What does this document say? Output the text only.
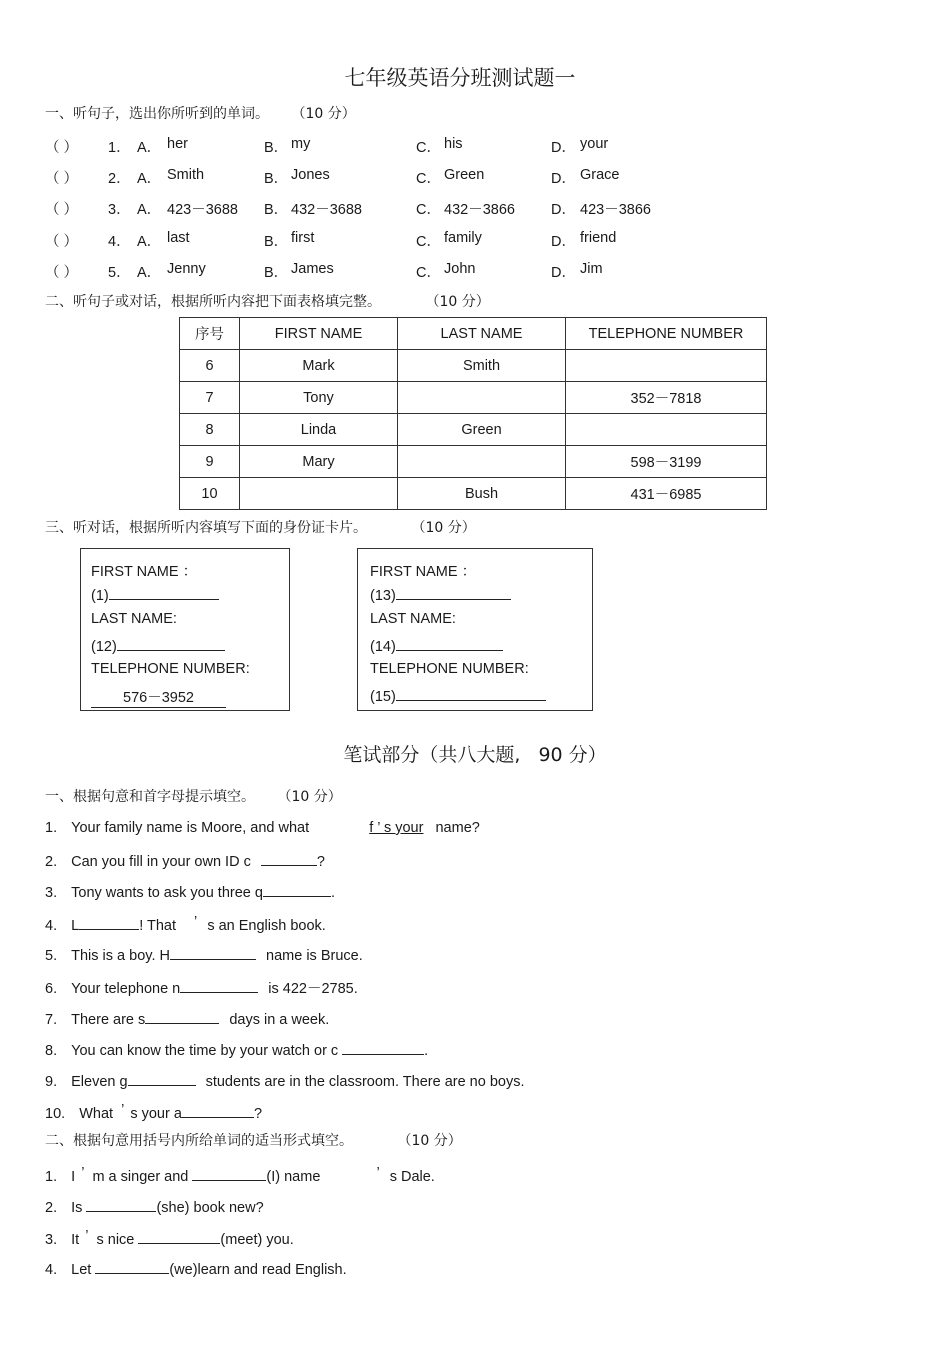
七年级英语分班测试题一
一、听句子，选出你所听到的单词。 （10 分）
（ ） 1． A． her	B． my	C． his	D． your
（ ） 2． A． Smith	B． Jones	C． Green	D． Grace
（ ） 3． A． 423－3688 B． 432－3688	C． 432－3866 D． 423－3866
（ ） 4． A． last	B． first	C． family	D． friend
（ ） 5． A． Jenny	B． James	C． John	D． Jim
二、听句子或对话，根据所听内容把下面表格填完整。	（10 分）
序号	FIRST NAME	LAST NAME	TELEPHONE NUMBER
6	Mark	Smith	
7	Tony		352－7818
8	Linda	Green	
9	Mary		598－3199
10		Bush	431－6985
三、听对话，根据所听内容填写下面的身份证卡片。	（10 分）
FIRST NAME ：
(1)
LAST NAME:
(12)
TELEPHONE NUMBER:
576－3952
FIRST NAME ：
(13)
LAST NAME:
(14)
TELEPHONE NUMBER:
(15)
笔试部分（共八大题, 90 分）
一、根据句意和首字母提示填空。 （10 分）
1. Your family name is Moore, and what	f ’ s your name?
2. Can you fill in your own ID c	?
3. Tony wants to ask you three q	.
4. L	! That ’ s an English book.
5. This is a boy. H	name is Bruce.
6. Your telephone n	is 422－2785.
7. There are s	days in a week.
8. You can know the time by your watch or c	.
9. Eleven g	students are in the classroom. There are no boys.
10. What ’ s your a	?
二、根据句意用括号内所给单词的适当形式填空。	（10 分）
1. I ’ m a singer and	(I) name	’ s Dale.
2. Is	(she) book new?
3. It ’ s nice	(meet) you.
4. Let	(we)learn and read English.
